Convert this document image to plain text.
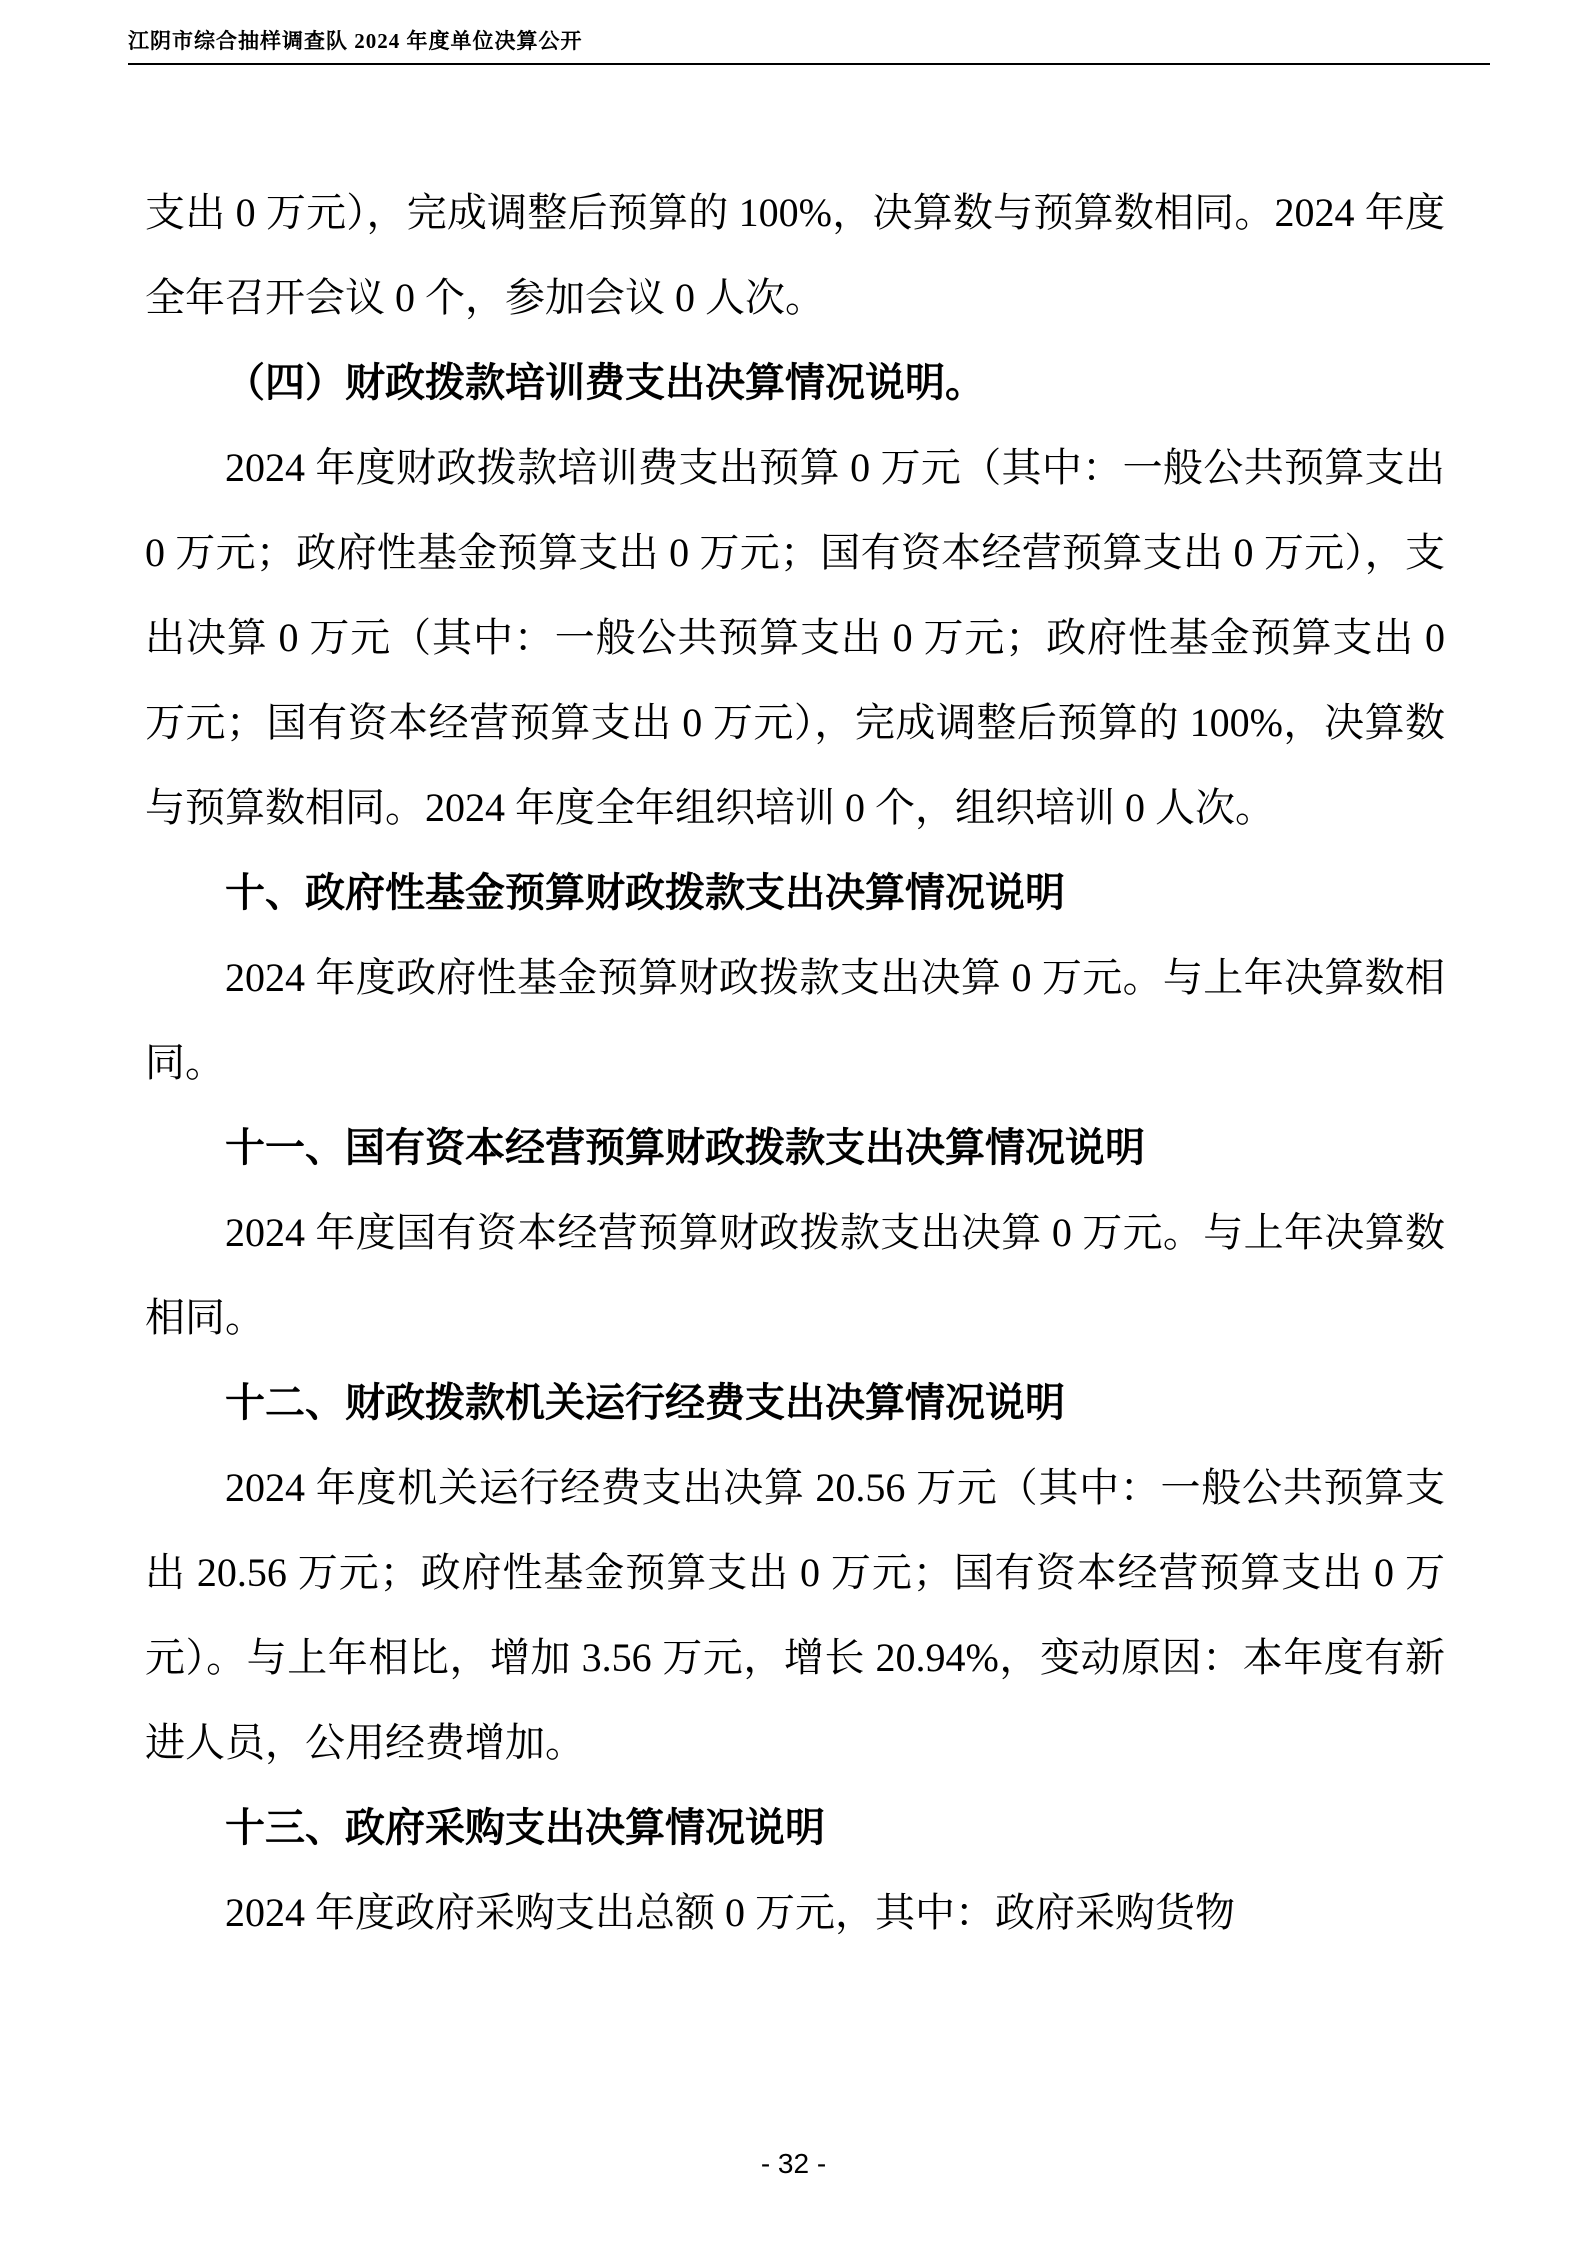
江阴市综合抽样调查队 2024 年度单位决算公开

支出 0 万元），完成调整后预算的 100%，决算数与预算数相同。2024 年度全年召开会议 0 个，参加会议 0 人次。

（四）财政拨款培训费支出决算情况说明。

2024 年度财政拨款培训费支出预算 0 万元（其中：一般公共预算支出 0 万元；政府性基金预算支出 0 万元；国有资本经营预算支出 0 万元），支出决算 0 万元（其中：一般公共预算支出 0 万元；政府性基金预算支出 0 万元；国有资本经营预算支出 0 万元），完成调整后预算的 100%，决算数与预算数相同。2024 年度全年组织培训 0 个，组织培训 0 人次。

十、政府性基金预算财政拨款支出决算情况说明

2024 年度政府性基金预算财政拨款支出决算 0 万元。与上年决算数相同。

十一、国有资本经营预算财政拨款支出决算情况说明

2024 年度国有资本经营预算财政拨款支出决算 0 万元。与上年决算数相同。

十二、财政拨款机关运行经费支出决算情况说明

2024 年度机关运行经费支出决算 20.56 万元（其中：一般公共预算支出 20.56 万元；政府性基金预算支出 0 万元；国有资本经营预算支出 0 万元）。与上年相比，增加 3.56 万元，增长 20.94%，变动原因：本年度有新进人员，公用经费增加。

十三、政府采购支出决算情况说明

2024 年度政府采购支出总额 0 万元，其中：政府采购货物

- 32 -
